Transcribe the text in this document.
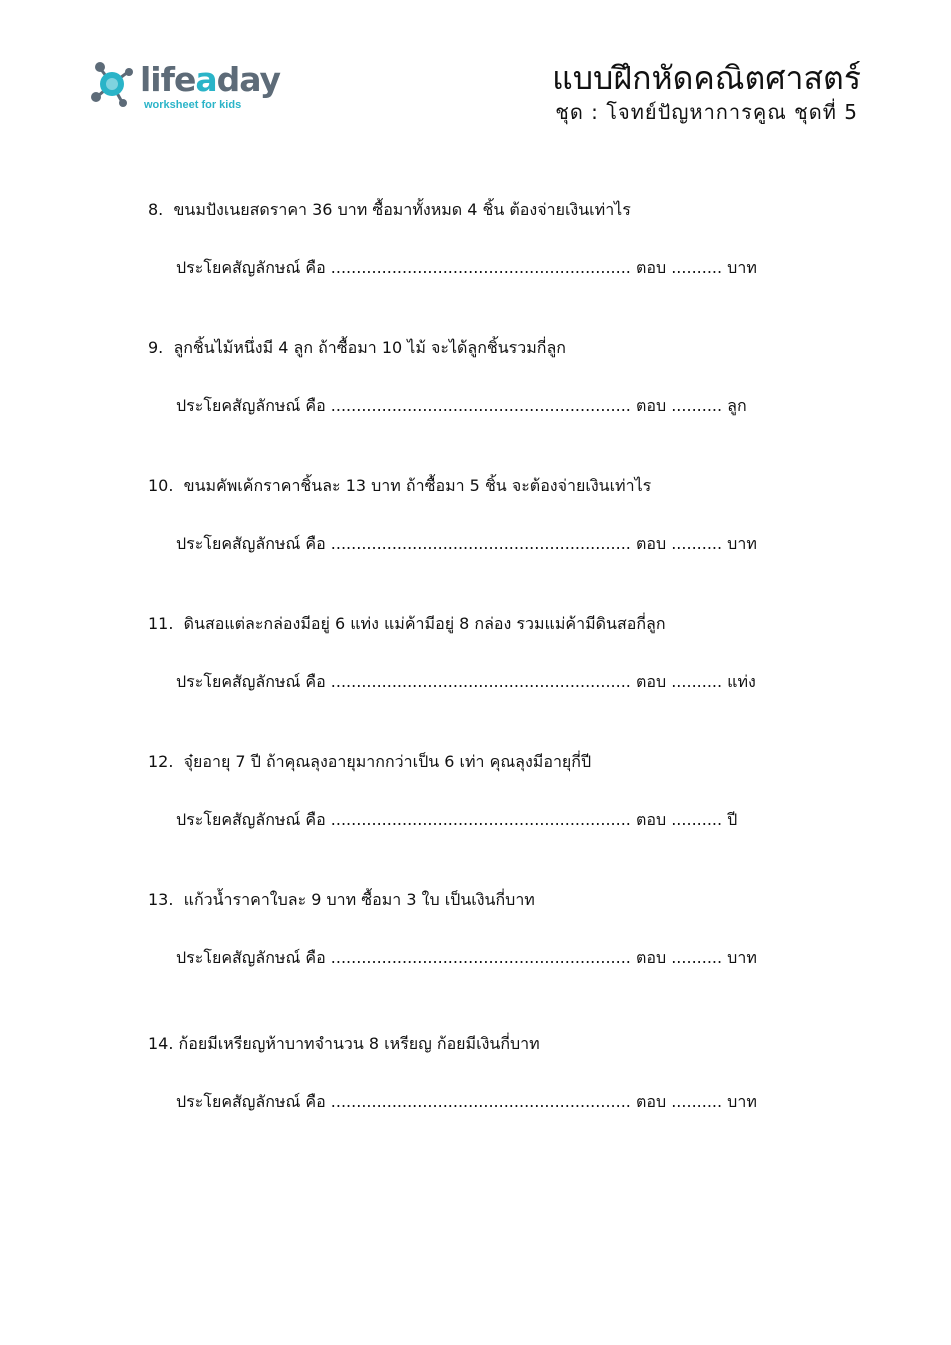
lifeaday
worksheet for kids
แบบฝึกหัดคณิตศาสตร์
ชุด : โจทย์ปัญหาการคูณ ชุดที่ 5
8. ขนมปังเนยสดราคา 36 บาท ซื้อมาทั้งหมด 4 ชิ้น ต้องจ่ายเงินเท่าไร
ประโยคสัญลักษณ์ คือ ........................................................... ตอบ .......... บาท
9. ลูกชิ้นไม้หนึ่งมี 4 ลูก ถ้าซื้อมา 10 ไม้ จะได้ลูกชิ้นรวมกี่ลูก
ประโยคสัญลักษณ์ คือ ........................................................... ตอบ .......... ลูก
10. ขนมคัพเค้กราคาชิ้นละ 13 บาท ถ้าซื้อมา 5 ชิ้น จะต้องจ่ายเงินเท่าไร
ประโยคสัญลักษณ์ คือ ........................................................... ตอบ .......... บาท
11. ดินสอแต่ละกล่องมีอยู่ 6 แท่ง แม่ค้ามีอยู่ 8 กล่อง รวมแม่ค้ามีดินสอกี่ลูก
ประโยคสัญลักษณ์ คือ ........................................................... ตอบ .......... แท่ง
12. จุ๋ยอายุ 7 ปี ถ้าคุณลุงอายุมากกว่าเป็น 6 เท่า คุณลุงมีอายุกี่ปี
ประโยคสัญลักษณ์ คือ ........................................................... ตอบ .......... ปี
13. แก้วน้ำราคาใบละ 9 บาท ซื้อมา 3 ใบ เป็นเงินกี่บาท
ประโยคสัญลักษณ์ คือ ........................................................... ตอบ .......... บาท
14. ก้อยมีเหรียญห้าบาทจำนวน 8 เหรียญ ก้อยมีเงินกี่บาท
ประโยคสัญลักษณ์ คือ ........................................................... ตอบ .......... บาท
